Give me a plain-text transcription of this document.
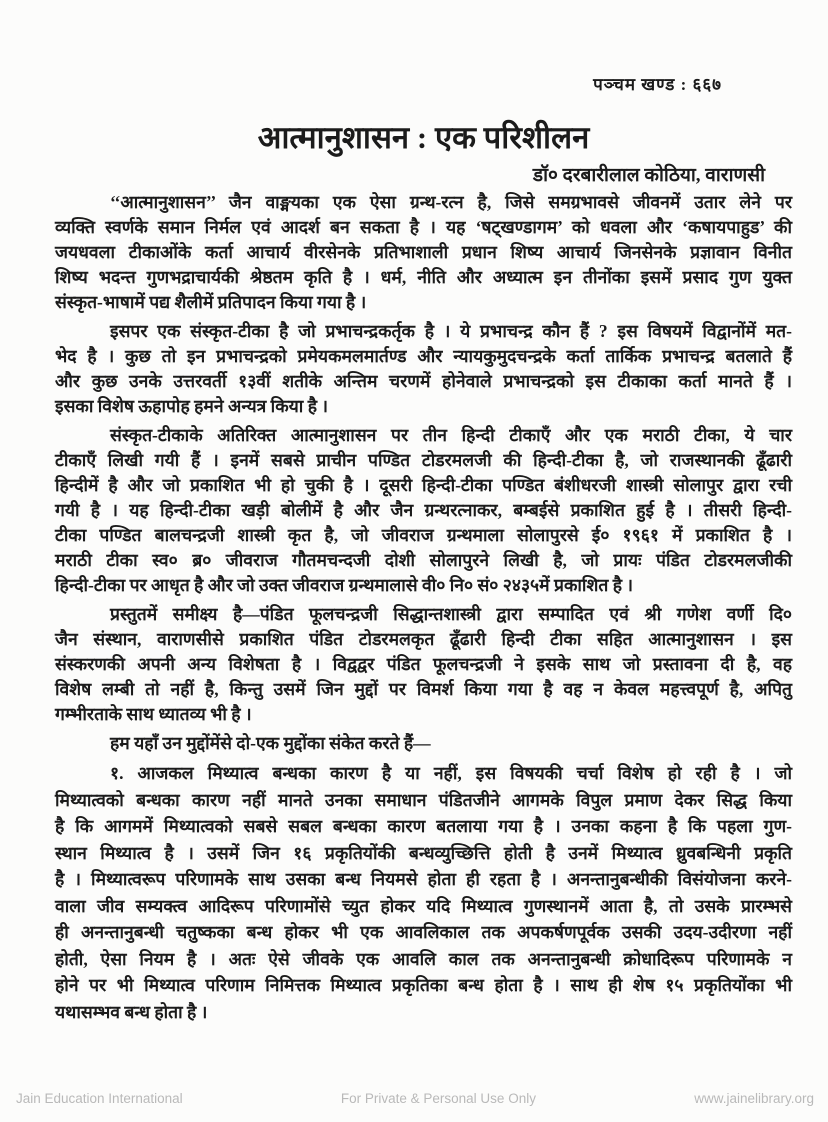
पञ्चम खण्ड : ६६७
आत्मानुशासन : एक परिशीलन
डॉ० दरबारीलाल कोठिया, वाराणसी
‘‘आत्मानुशासन’’ जैन वाङ्मयका एक ऐसा ग्रन्थ-रत्न है, जिसे समग्रभावसे जीवनमें उतार लेने पर
व्यक्ति स्वर्णके समान निर्मल एवं आदर्श बन सकता है । यह ‘षट्खण्डागम’ को धवला और ‘कषायपाहुड’ की
जयधवला टीकाओंके कर्ता आचार्य वीरसेनके प्रतिभाशाली प्रधान शिष्य आचार्य जिनसेनके प्रज्ञावान विनीत
शिष्य भदन्त गुणभद्राचार्यकी श्रेष्ठतम कृति है । धर्म, नीति और अध्यात्म इन तीनोंका इसमें प्रसाद गुण युक्त
संस्कृत-भाषामें पद्य शैलीमें प्रतिपादन किया गया है ।
इसपर एक संस्कृत-टीका है जो प्रभाचन्द्रकर्तृक है । ये प्रभाचन्द्र कौन हैं ? इस विषयमें विद्वानोंमें मत-
भेद है । कुछ तो इन प्रभाचन्द्रको प्रमेयकमलमार्तण्ड और न्यायकुमुदचन्द्रके कर्ता तार्किक प्रभाचन्द्र बतलाते हैं
और कुछ उनके उत्तरवर्ती १३वीं शतीके अन्तिम चरणमें होनेवाले प्रभाचन्द्रको इस टीकाका कर्ता मानते हैं ।
इसका विशेष ऊहापोह हमने अन्यत्र किया है ।
संस्कृत-टीकाके अतिरिक्त आत्मानुशासन पर तीन हिन्दी टीकाएँ और एक मराठी टीका, ये चार
टीकाएँ लिखी गयी हैं । इनमें सबसे प्राचीन पण्डित टोडरमलजी की हिन्दी-टीका है, जो राजस्थानकी ढूँढारी
हिन्दीमें है और जो प्रकाशित भी हो चुकी है । दूसरी हिन्दी-टीका पण्डित बंशीधरजी शास्त्री सोलापुर द्वारा रची
गयी है । यह हिन्दी-टीका खड़ी बोलीमें है और जैन ग्रन्थरत्नाकर, बम्बईसे प्रकाशित हुई है । तीसरी हिन्दी-
टीका पण्डित बालचन्द्रजी शास्त्री कृत है, जो जीवराज ग्रन्थमाला सोलापुरसे ई० १९६१ में प्रकाशित है ।
मराठी टीका स्व० ब्र० जीवराज गौतमचन्दजी दोशी सोलापुरने लिखी है, जो प्रायः पंडित टोडरमलजीकी
हिन्दी-टीका पर आधृत है और जो उक्त जीवराज ग्रन्थमालासे वी० नि० सं० २४३५में प्रकाशित है ।
प्रस्तुतमें समीक्ष्य है—पंडित फूलचन्द्रजी सिद्धान्तशास्त्री द्वारा सम्पादित एवं श्री गणेश वर्णी दि०
जैन संस्थान, वाराणसीसे प्रकाशित पंडित टोडरमलकृत ढूँढारी हिन्दी टीका सहित आत्मानुशासन । इस
संस्करणकी अपनी अन्य विशेषता है । विद्वद्वर पंडित फूलचन्द्रजी ने इसके साथ जो प्रस्तावना दी है, वह
विशेष लम्बी तो नहीं है, किन्तु उसमें जिन मुद्दों पर विमर्श किया गया है वह न केवल महत्त्वपूर्ण है, अपितु
गम्भीरताके साथ ध्यातव्य भी है ।
हम यहाँ उन मुद्दोंमेंसे दो-एक मुद्दोंका संकेत करते हैं—
१. आजकल मिथ्यात्व बन्धका कारण है या नहीं, इस विषयकी चर्चा विशेष हो रही है । जो
मिथ्यात्वको बन्धका कारण नहीं मानते उनका समाधान पंडितजीने आगमके विपुल प्रमाण देकर सिद्ध किया
है कि आगममें मिथ्यात्वको सबसे सबल बन्धका कारण बतलाया गया है । उनका कहना है कि पहला गुण-
स्थान मिथ्यात्व है । उसमें जिन १६ प्रकृतियोंकी बन्धव्युच्छित्ति होती है उनमें मिथ्यात्व ध्रुवबन्धिनी प्रकृति
है । मिथ्यात्वरूप परिणामके साथ उसका बन्ध नियमसे होता ही रहता है । अनन्तानुबन्धीकी विसंयोजना करने-
वाला जीव सम्यक्त्व आदिरूप परिणामोंसे च्युत होकर यदि मिथ्यात्व गुणस्थानमें आता है, तो उसके प्रारम्भसे
ही अनन्तानुबन्धी चतुष्कका बन्ध होकर भी एक आवलिकाल तक अपकर्षणपूर्वक उसकी उदय-उदीरणा नहीं
होती, ऐसा नियम है । अतः ऐसे जीवके एक आवलि काल तक अनन्तानुबन्धी क्रोधादिरूप परिणामके न
होने पर भी मिथ्यात्व परिणाम निमित्तक मिथ्यात्व प्रकृतिका बन्ध होता है । साथ ही शेष १५ प्रकृतियोंका भी
यथासम्भव बन्ध होता है ।
Jain Education International	For Private & Personal Use Only	www.jainelibrary.org
